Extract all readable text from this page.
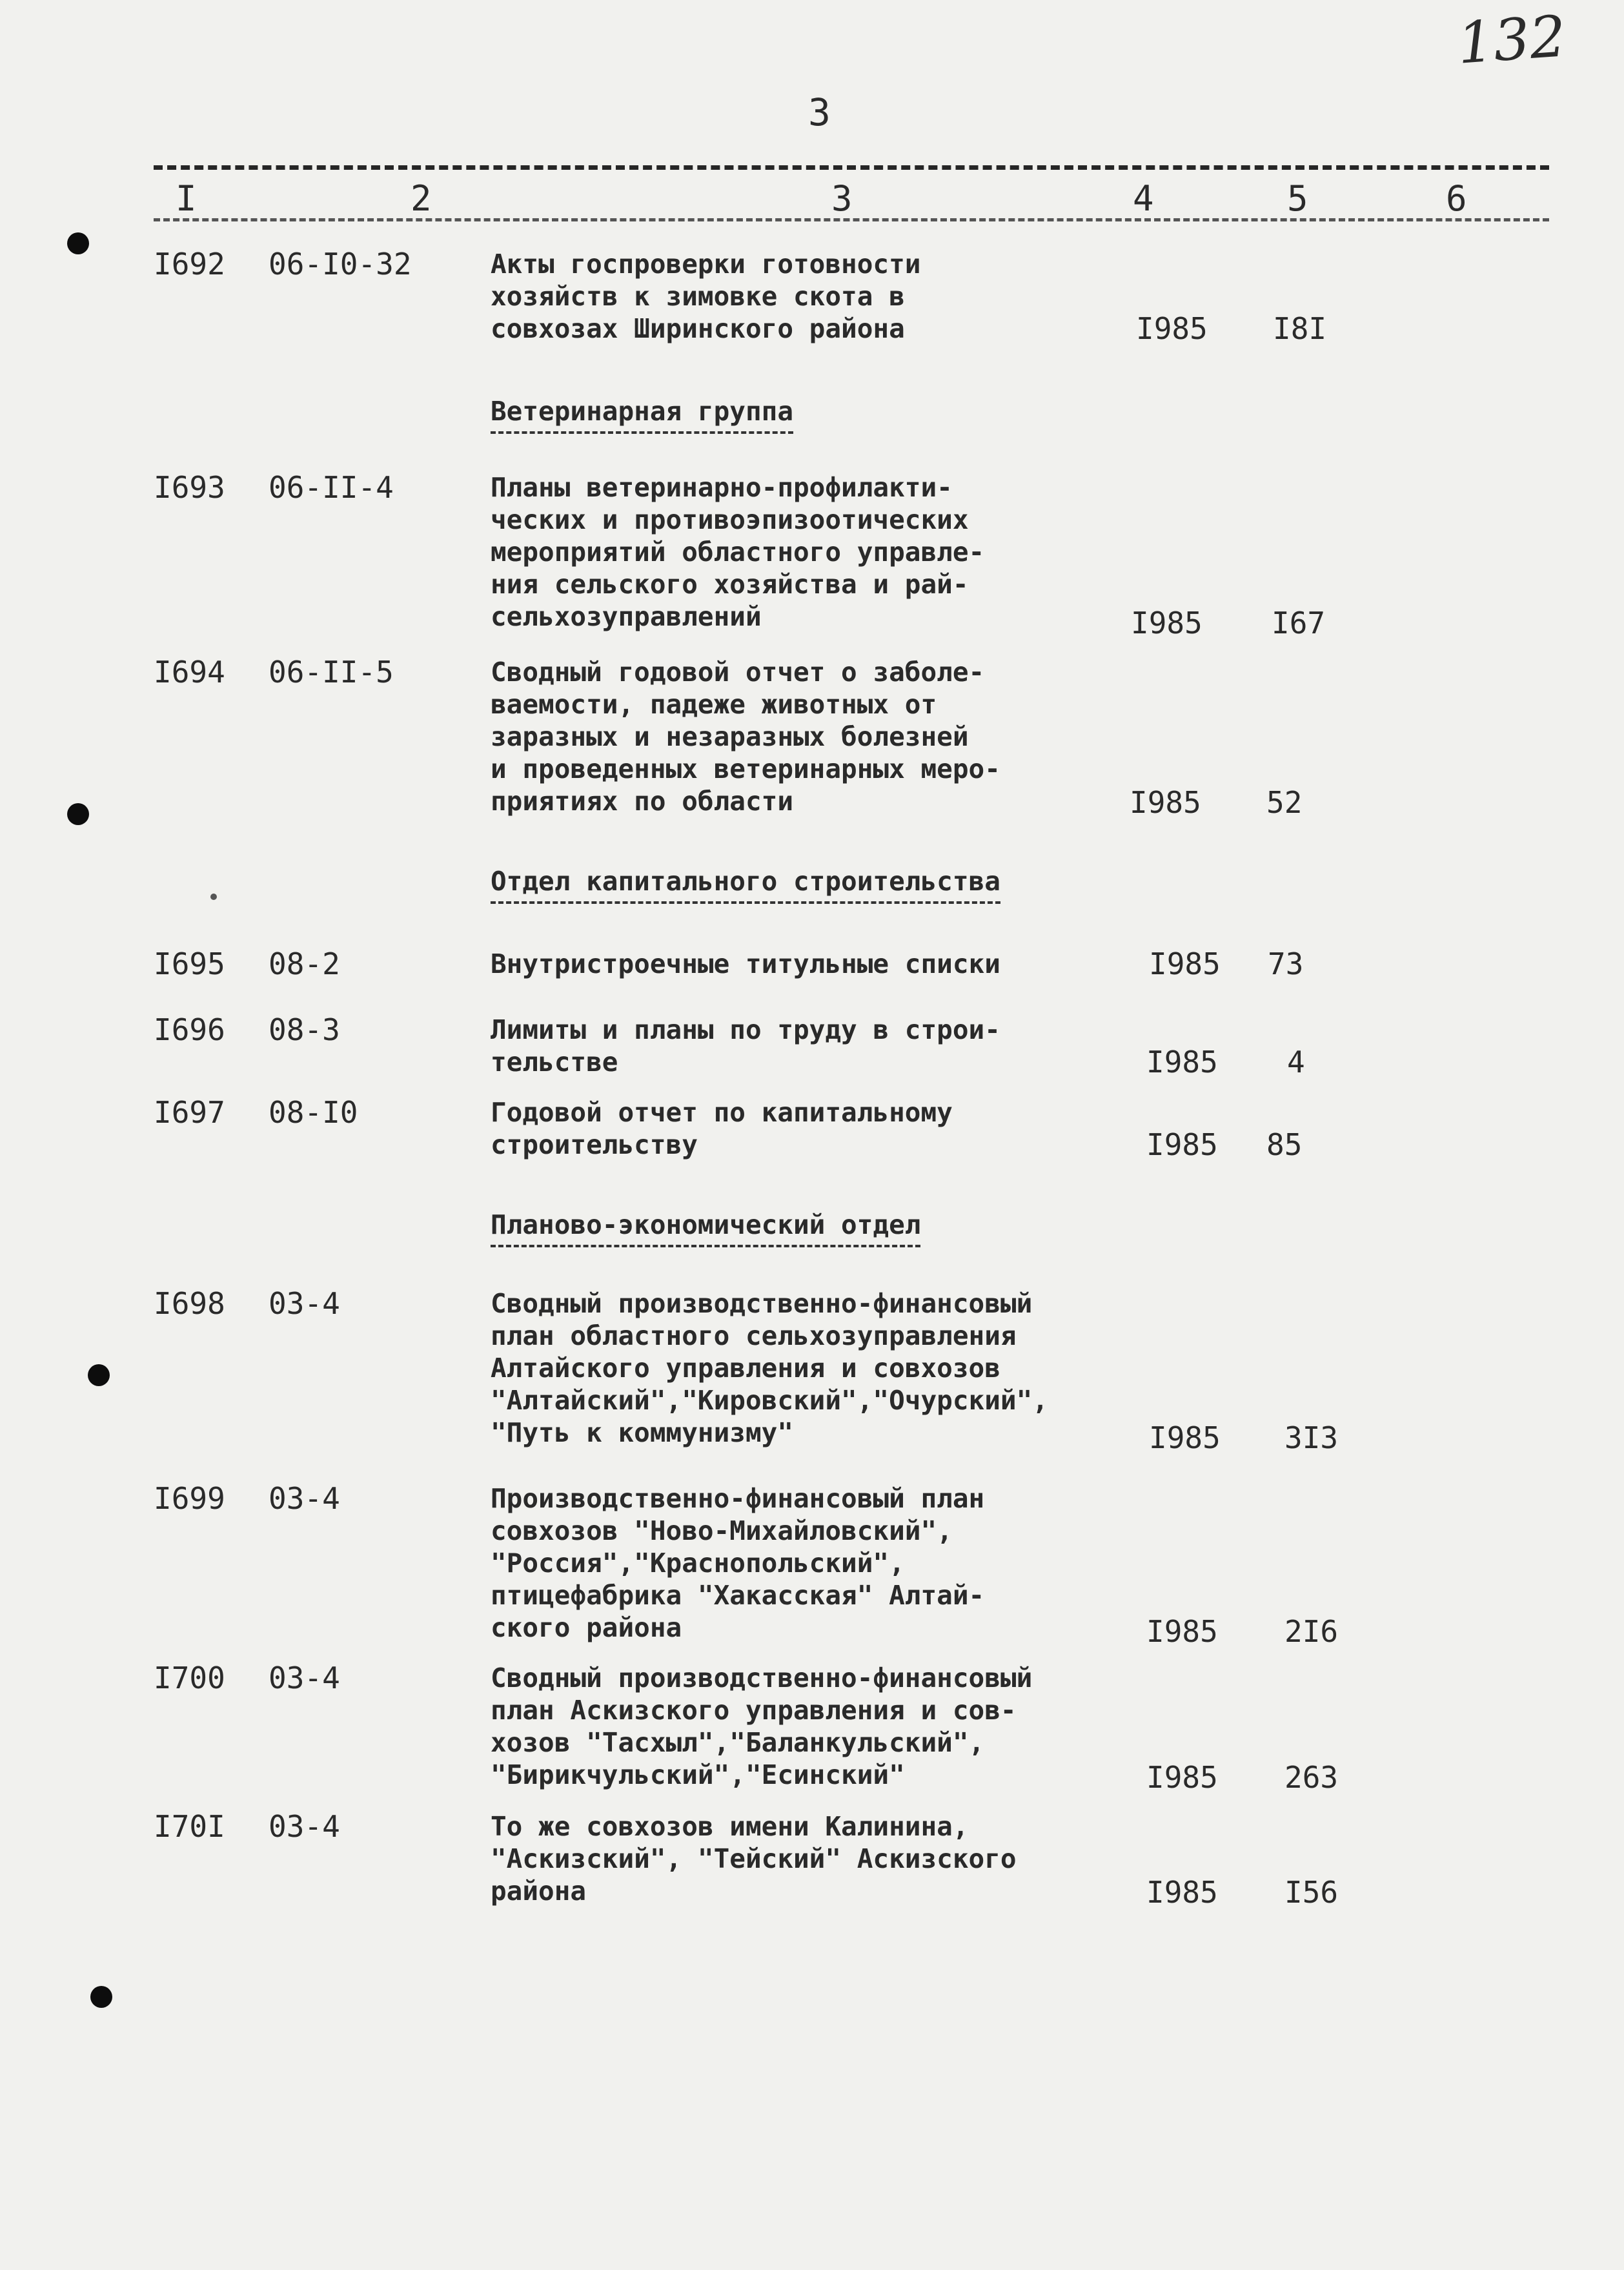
132
3
I	2	3	4	5	6
I692 06-I0-32	Акты госпроверки готовности
хозяйств к зимовке скота в
совхозах Ширинского района	I985 I8I
Ветеринарная группа
I693 06-II-4	Планы ветеринарно-профилакти-
ческих и противоэпизоотических
мероприятий областного управле-
ния сельского хозяйства и рай-
сельхозуправлений	I985 I67
I694 06-II-5	Сводный годовой отчет о заболе-
ваемости, падеже животных от
заразных и незаразных болезней
и проведенных ветеринарных меро-
приятиях по области	I985 52
Отдел капитального строительства
I695 08-2	Внутристроечные титульные списки	I985 73
I696 08-3	Лимиты и планы по труду в строи-
тельстве	I985 4
I697 08-I0	Годовой отчет по капитальному
строительству	I985 85
Планово-экономический отдел
I698 03-4	Сводный производственно-финансовый
план областного сельхозуправления
Алтайского управления и совхозов
"Алтайский","Кировский","Очурский",
"Путь к коммунизму"	I985 3I3
I699 03-4	Производственно-финансовый план
совхозов "Ново-Михайловский",
"Россия","Краснопольский",
птицефабрика "Хакасская" Алтай-
ского района	I985 2I6
I700 03-4	Сводный производственно-финансовый
план Аскизского управления и сов-
хозов "Тасхыл","Баланкульский",
"Бирикчульский","Есинский"	I985 263
I70I 03-4	То же совхозов имени Калинина,
"Аскизский", "Тейский" Аскизского
района	I985 I56
